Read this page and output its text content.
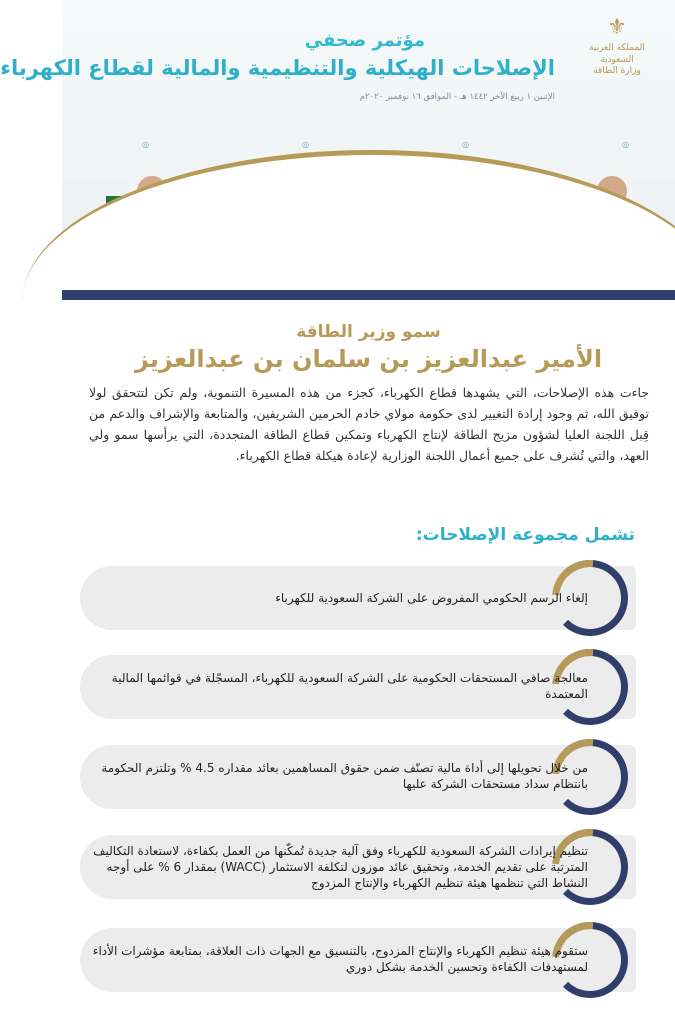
◎	◎	◎	◎
⚜
المملكة العربية السعودية
وزارة الطاقة
مؤتمر صحفي
الإصلاحات الهيكلية والتنظيمية والمالية لقطاع الكهرباء
الإثنين ١ ربيع الآخر ١٤٤٢ هـ - الموافق ١٦ نوفمبر ٢٠٢٠م
سمو وزير الطاقة
الأمير عبدالعزيز بن سلمان بن عبدالعزيز
جاءت هذه الإصلاحات، التي يشهدها قطاع الكهرباء، كجزء من هذه المسيرة التنموية، ولم تكن لتتحقق لولا توفيق الله، ثم وجود إرادة التغيير لدى حكومة مولاي خادم الحرمين الشريفين، والمتابعة والإشراف والدعم من قِبل اللجنة العليا لشؤون مزيج الطاقة لإنتاج الكهرباء وتمكين قطاع الطاقة المتجددة، التي يرأسها سمو ولي العهد، والتي تُشرف على جميع أعمال اللجنة الوزارية لإعادة هيكلة قطاع الكهرباء.
تشمل مجموعة الإصلاحات:
إلغاء الرسم الحكومي المفروض على الشركة السعودية للكهرباء
معالجة صافي المستحقات الحكومية على الشركة السعودية للكهرباء، المسجّلة في قوائمها المالية المعتمدة
من خلال تحويلها إلى أداة مالية تصنّف ضمن حقوق المساهمين بعائد مقداره 4.5 % وتلتزم الحكومة بانتظام سداد مستحقات الشركة عليها
تنظيم إيرادات الشركة السعودية للكهرباء وفق آلية جديدة تُمكّنها من العمل بكفاءة، لاستعادة التكاليف المترتبة على تقديم الخدمة، وتحقيق عائد موزون لتكلفة الاستثمار (WACC) بمقدار 6 % على أوجه النشاط التي تنظمها هيئة تنظيم الكهرباء والإنتاج المزدوج
ستقوم هيئة تنظيم الكهرباء والإنتاج المزدوج، بالتنسيق مع الجهات ذات العلاقة، بمتابعة مؤشرات الأداء لمستهدفات الكفاءة وتحسين الخدمة بشكل دوري
